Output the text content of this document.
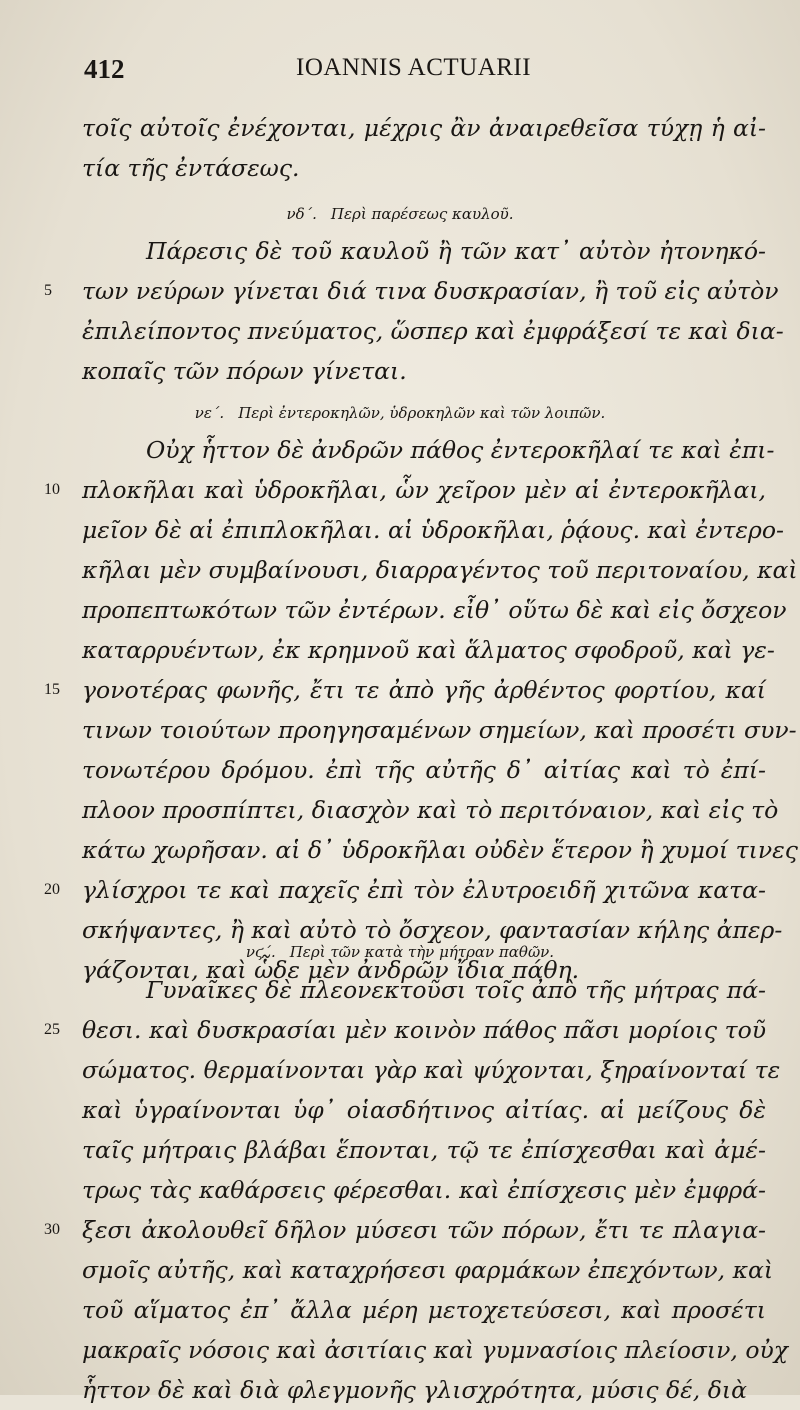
412	IOANNIS ACTUARII
τοῖς αὐτοῖς ἐνέχονται, μέχρις ἂν ἀναιρεθεῖσα τύχῃ ἡ αἰ-
τία τῆς ἐντάσεως.
νδ΄. Περὶ παρέσεως καυλοῦ.
5
Πάρεσις δὲ τοῦ καυλοῦ ἢ τῶν κατ᾽ αὐτὸν ἠτονηκό-
των νεύρων γίνεται διά τινα δυσκρασίαν, ἢ τοῦ εἰς αὐτὸν
ἐπιλείποντος πνεύματος, ὥσπερ καὶ ἐμφράξεσί τε καὶ δια-
κοπαῖς τῶν πόρων γίνεται.
νε΄. Περὶ ἐντεροκηλῶν, ὑδροκηλῶν καὶ τῶν λοιπῶν.
10
15
20
Οὐχ ἧττον δὲ ἀνδρῶν πάθος ἐντεροκῆλαί τε καὶ ἐπι-
πλοκῆλαι καὶ ὑδροκῆλαι, ὧν χεῖρον μὲν αἱ ἐντεροκῆλαι,
μεῖον δὲ αἱ ἐπιπλοκῆλαι. αἱ ὑδροκῆλαι, ῥᾴους. καὶ ἐντερο-
κῆλαι μὲν συμβαίνουσι, διαρραγέντος τοῦ περιτοναίου, καὶ
προπεπτωκότων τῶν ἐντέρων. εἶθ᾽ οὕτω δὲ καὶ εἰς ὄσχεον
καταρρυέντων, ἐκ κρημνοῦ καὶ ἅλματος σφοδροῦ, καὶ γε-
γονοτέρας φωνῆς, ἔτι τε ἀπὸ γῆς ἀρθέντος φορτίου, καί
τινων τοιούτων προηγησαμένων σημείων, καὶ προσέτι συν-
τονωτέρου δρόμου. ἐπὶ τῆς αὐτῆς δ᾽ αἰτίας καὶ τὸ ἐπί-
πλοον προσπίπτει, διασχὸν καὶ τὸ περιτόναιον, καὶ εἰς τὸ
κάτω χωρῆσαν. αἱ δ᾽ ὑδροκῆλαι οὐδὲν ἕτερον ἢ χυμοί τινες
γλίσχροι τε καὶ παχεῖς ἐπὶ τὸν ἐλυτροειδῆ χιτῶνα κατα-
σκήψαντες, ἢ καὶ αὐτὸ τὸ ὄσχεον, φαντασίαν κήλης ἀπερ-
γάζονται, καὶ ὧδε μὲν ἀνδρῶν ἴδια πάθη.
νϛ΄. Περὶ τῶν κατὰ τὴν μήτραν παθῶν.
25
30
Γυναῖκες δὲ πλεονεκτοῦσι τοῖς ἀπὸ τῆς μήτρας πά-
θεσι. καὶ δυσκρασίαι μὲν κοινὸν πάθος πᾶσι μορίοις τοῦ
σώματος. θερμαίνονται γὰρ καὶ ψύχονται, ξηραίνονταί τε
καὶ ὑγραίνονται ὑφ᾽ οἱασδήτινος αἰτίας. αἱ μείζους δὲ
ταῖς μήτραις βλάβαι ἕπονται, τῷ τε ἐπίσχεσθαι καὶ ἀμέ-
τρως τὰς καθάρσεις φέρεσθαι. καὶ ἐπίσχεσις μὲν ἐμφρά-
ξεσι ἀκολουθεῖ δῆλον μύσεσι τῶν πόρων, ἔτι τε πλαγια-
σμοῖς αὐτῆς, καὶ καταχρήσεσι φαρμάκων ἐπεχόντων, καὶ
τοῦ αἵματος ἐπ᾽ ἄλλα μέρη μετοχετεύσεσι, καὶ προσέτι
μακραῖς νόσοις καὶ ἀσιτίαις καὶ γυμνασίοις πλείοσιν, οὐχ
ἧττον δὲ καὶ διὰ φλεγμονῆς γλισχρότητα, μύσις δέ, διὰ
